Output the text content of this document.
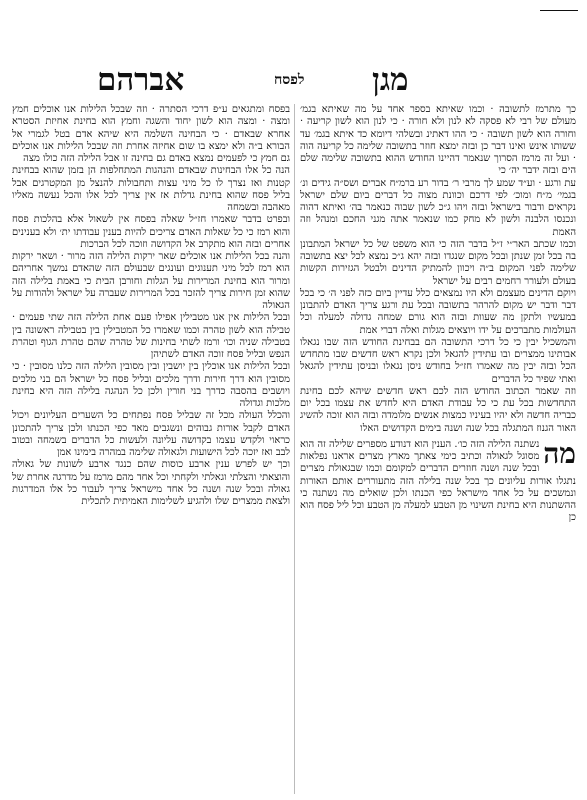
אברהם	לפסח מגן

כך מתרמז לתשובה · וכמו שאיתא בספר אחד על מה שאיתא בגמ׳ מעולם של רבי לא פסקה לא לנון ולא חורה · כי לנון הוא לשון קריעה · וחורה הוא לשון תשובה · כי ההו דאתינ ובשלהי דיומא כד איתא בגמ׳ עד ששותו אינש ואינו דבר כן ובזה ימצא חוזר בתשובה שלימה כל קריעה הוה · ועל זה מרמז הסרוך שנאמר דהיינו החודש ההוא בתשובה שלימה שלם הים ובזה ידבר יה׳ כי

עת ורגע · וע״ד שמע לך מרבי ר׳ בדור רע ברמ״ח אברים ושס״ה גידים ונ׳ בגמי׳ מ״ח ומוכ׳ לפי דרכם וכוונת מצוה כל דברים ביום שלם ישראל נקראים ודבור בישראל ובזה ויהו ג״כ לשון שבוה כנאמר בה׳ ואיתא דהוה ונכנסו הלבנה ולשון לא מחק כמו שנאמר אתה מגני החכם ומנהל וזה האמת

וכמו שכתב האר״י ז״ל בדבר הזה כי הוא משפט של כל ישראל המתבונן בה בכל זמן שנתן ובכל מקום שנגדו ובזה יהא ג״כ נמצא לכל יצא בתשובה שלימה לפני המקום ב״ה ויכוון להמתיק הדינים ולבטל הגזירות הקשות בעולם ולעורר רחמים רבים על ישראל

ויוקם הדינים מעצמם ולא היו נמצאים כלל עדיין ביום כזה לפני ה׳ כי בכל דבר ודבר יש מקום להרהר בתשובה ובכל עת ורגע צריך האדם להתבונן במעשיו ולתקן מה שעוות ובזה הוא גורם שמחה גדולה למעלה וכל העולמות מתברכים על ידו ויוצאים מגלות ואלה דברי אמת

והמשכיל יבין כי כל דרכי התשובה הם בבחינת החודש הזה שבו נגאלו אבותינו ממצרים ובו עתידין להגאל ולכן נקרא ראש חדשים שבו מתחדש הכל ובזה יבין מה שאמרו חז״ל בחודש ניסן נגאלו ובניסן עתידין להגאל ואתי שפיר כל הדברים

וזה שאמר הכתוב החודש הזה לכם ראש חדשים שיהא לכם בחינת התחדשות בכל עת כי כל עבודת האדם היא לחדש את עצמו בכל יום כבריה חדשה ולא יהיו בעיניו כמצות אנשים מלומדה ובזה הוא זוכה להשיג האור הגנוז המתגלה בכל שנה ושנה בימים הקדושים האלו

מה
נשתנה הלילה הזה כו׳. הענין הוא דנודע מספרים שלילה זה הוא מסוגל לגאולה וכתיב כימי צאתך מארץ מצרים אראנו נפלאות ובכל שנה ושנה חוזרים הדברים למקומם וכמו שבגאולת מצרים נתגלו אורות עליונים כך בכל שנה בלילה הזה מתעוררים אותם האורות ונמשכים על כל אחד מישראל כפי הכנתו ולכן שואלים מה נשתנה כי ההשתנות היא בחינת השינוי מן הטבע למעלה מן הטבע וכל ליל פסח הוא כן

בפסח ומתגאים ע״פ דרכי הסתרה · וזה שבכל הלילות אנו אוכלים חמץ ומצה · ומצה הוא לשון יחוד והשגה וחמץ הוא בחינת אחיזת הסטרא אחרא שבאדם · כי הבחינה השלמה היא שיהא אדם בטל לגמרי אל הבורא ב״ה ולא ימצא בו שום אחיזה אחרת וזה שבכל הלילות אנו אוכלים גם חמץ כי לפעמים נמצא באדם גם בחינה זו אבל הלילה הזה כולו מצה

הנה כל אלו הבחינות שבאדם והנהגות המתחלפות הן בזמן שהוא בבחינת קטנות ואז נצרך לו כל מיני עצות ותחבולות להנצל מן המקטרגים אבל בליל פסח שהוא בחינת גדלות אז אין צריך לכל אלו והכל נעשה מאליו מאהבה ובשמחה

ובפרט בדבר שאמרו חז״ל שאלה בפסח אין לשאול אלא בהלכות פסח והוא רמז כי כל שאלות האדם צריכים להיות בענין עבודתו ית׳ ולא בענינים אחרים ובזה הוא מתקרב אל הקדושה וזוכה לכל הברכות

והנה בכל הלילות אנו אוכלים שאר ירקות הלילה הזה מרור · ושאר ירקות הוא רמז לכל מיני תענוגים ועונגים שבעולם הזה שהאדם נמשך אחריהם ומרור הוא בחינת המרירות על הגלות וחורבן הבית כי באמת בלילה הזה שהוא זמן חירות צריך להזכר בכל המרירות שעברה על ישראל ולהודות על הגאולה

ובכל הלילות אין אנו מטבילין אפילו פעם אחת הלילה הזה שתי פעמים · טבילה הוא לשון טהרה וכמו שאמרו כל המטבילין בין בטבילה ראשונה בין בטבילה שניה וכו׳ ורמז לשתי בחינות של טהרה שהם טהרת הגוף וטהרת הנפש ובליל פסח זוכה האדם לשתיהן

ובכל הלילות אנו אוכלין בין יושבין ובין מסובין הלילה הזה כלנו מסובין · כי מסובין הוא דרך חירות ודרך מלכים ובליל פסח כל ישראל הם בני מלכים ויושבים בהסבה כדרך בני חורין ולכן כל הנהגה בלילה הזה היא בחינת מלכות וגדולה

והכלל העולה מכל זה שבליל פסח נפתחים כל השערים העליונים ויכול האדם לקבל אורות גבוהים ונשגבים מאד כפי הכנתו ולכן צריך להתכונן כראוי ולקדש עצמו בקדושה עליונה ולעשות כל הדברים בשמחה ובטוב לבב ואז יזכה לכל הישועות ולגאולה שלימה במהרה בימינו אמן

וכך יש לפרש ענין ארבע כוסות שהם כנגד ארבע לשונות של גאולה והוצאתי והצלתי וגאלתי ולקחתי וכל אחד מהם מרמז על מדרגה אחרת של גאולה ובכל שנה ושנה כל אחד מישראל צריך לעבור כל אלו המדרגות ולצאת ממצרים שלו ולהגיע לשלימות האמיתית לתכלית
